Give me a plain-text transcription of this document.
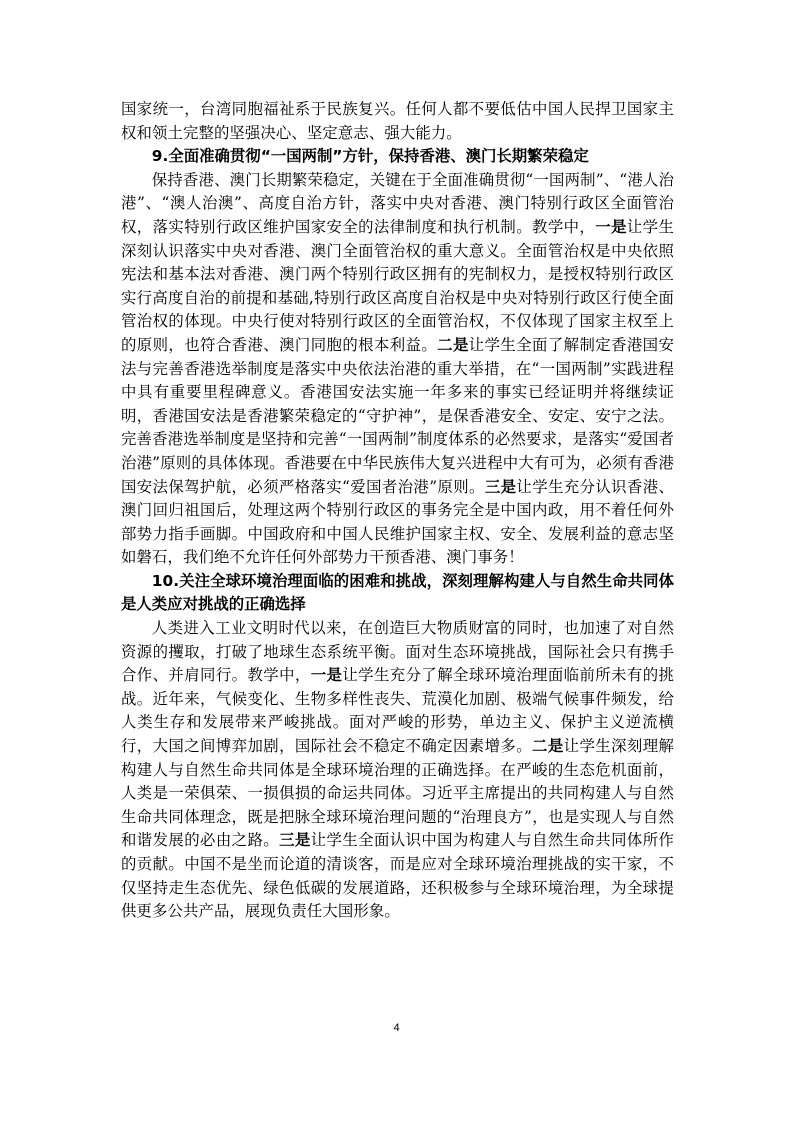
国家统一，台湾同胞福祉系于民族复兴。任何人都不要低估中国人民捍卫国家主权和领土完整的坚强决心、坚定意志、强大能力。

9.全面准确贯彻“一国两制”方针，保持香港、澳门长期繁荣稳定

保持香港、澳门长期繁荣稳定，关键在于全面准确贯彻“一国两制”、“港人治港”、“澳人治澳”、高度自治方针，落实中央对香港、澳门特别行政区全面管治权，落实特别行政区维护国家安全的法律制度和执行机制。教学中，一是让学生深刻认识落实中央对香港、澳门全面管治权的重大意义。全面管治权是中央依照宪法和基本法对香港、澳门两个特别行政区拥有的宪制权力，是授权特别行政区实行高度自治的前提和基础,特别行政区高度自治权是中央对特别行政区行使全面管治权的体现。中央行使对特别行政区的全面管治权，不仅体现了国家主权至上的原则，也符合香港、澳门同胞的根本利益。二是让学生全面了解制定香港国安法与完善香港选举制度是落实中央依法治港的重大举措，在“一国两制”实践进程中具有重要里程碑意义。香港国安法实施一年多来的事实已经证明并将继续证明，香港国安法是香港繁荣稳定的“守护神”，是保香港安全、安定、安宁之法。完善香港选举制度是坚持和完善“一国两制”制度体系的必然要求，是落实“爱国者治港”原则的具体体现。香港要在中华民族伟大复兴进程中大有可为，必须有香港国安法保驾护航，必须严格落实“爱国者治港”原则。三是让学生充分认识香港、澳门回归祖国后，处理这两个特别行政区的事务完全是中国内政，用不着任何外部势力指手画脚。中国政府和中国人民维护国家主权、安全、发展利益的意志坚如磐石，我们绝不允许任何外部势力干预香港、澳门事务！

10.关注全球环境治理面临的困难和挑战，深刻理解构建人与自然生命共同体是人类应对挑战的正确选择

人类进入工业文明时代以来，在创造巨大物质财富的同时，也加速了对自然资源的攫取，打破了地球生态系统平衡。面对生态环境挑战，国际社会只有携手合作、并肩同行。教学中，一是让学生充分了解全球环境治理面临前所未有的挑战。近年来，气候变化、生物多样性丧失、荒漠化加剧、极端气候事件频发，给人类生存和发展带来严峻挑战。面对严峻的形势，单边主义、保护主义逆流横行，大国之间博弈加剧，国际社会不稳定不确定因素增多。二是让学生深刻理解构建人与自然生命共同体是全球环境治理的正确选择。在严峻的生态危机面前，人类是一荣俱荣、一损俱损的命运共同体。习近平主席提出的共同构建人与自然生命共同体理念，既是把脉全球环境治理问题的“治理良方”，也是实现人与自然和谐发展的必由之路。三是让学生全面认识中国为构建人与自然生命共同体所作的贡献。中国不是坐而论道的清谈客，而是应对全球环境治理挑战的实干家，不仅坚持走生态优先、绿色低碳的发展道路，还积极参与全球环境治理，为全球提供更多公共产品，展现负责任大国形象。

4
